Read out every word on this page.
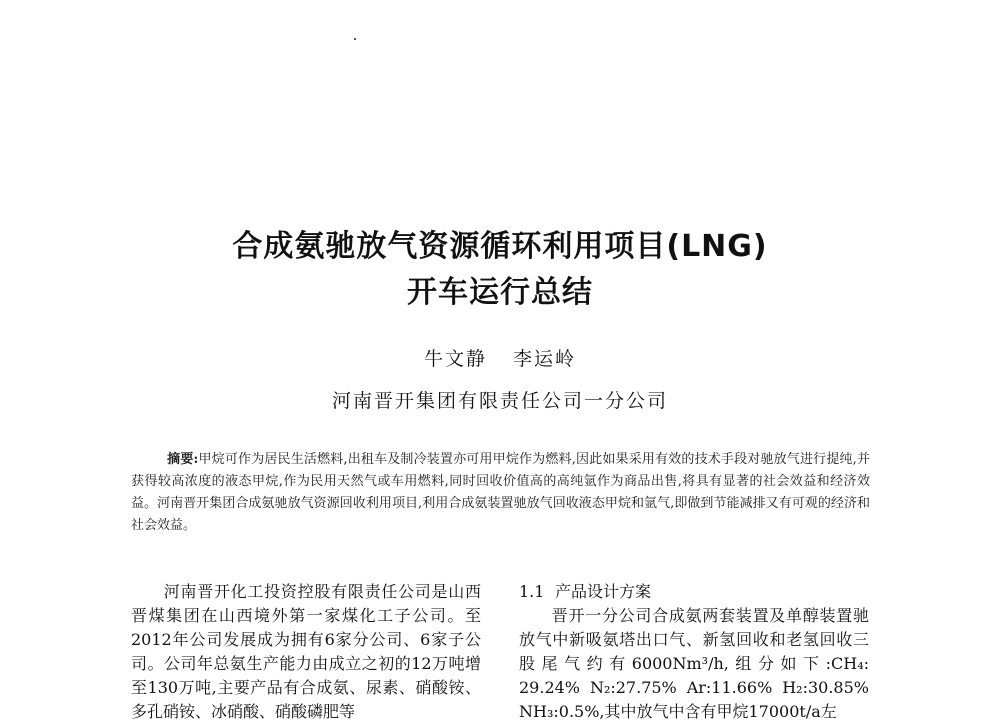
合成氨驰放气资源循环利用项目(LNG)
开车运行总结
牛文静 李运岭
河南晋开集团有限责任公司一分公司
摘要:甲烷可作为居民生活燃料,出租车及制冷装置亦可用甲烷作为燃料,因此如果采用有效的技术手段对驰放气进行提纯,并获得较高浓度的液态甲烷,作为民用天然气或车用燃料,同时回收价值高的高纯氩作为商品出售,将具有显著的社会效益和经济效益。河南晋开集团合成氨驰放气资源回收利用项目,利用合成氨装置驰放气回收液态甲烷和氩气,即做到节能减排又有可观的经济和社会效益。

河南晋开化工投资控股有限责任公司是山西晋煤集团在山西境外第一家煤化工子公司。至2012年公司发展成为拥有6家分公司、6家子公司。公司年总氨生产能力由成立之初的12万吨增至130万吨,主要产品有合成氨、尿素、硝酸铵、多孔硝铵、冰硝酸、硝酸磷肥等

1.1 产品设计方案

晋开一分公司合成氨两套装置及单醇装置驰放气中新吸氨塔出口气、新氢回收和老氢回收三股尾气约有6000Nm³/h,组分如下:CH₄: 29.24% N₂:27.75% Ar:11.66% H₂:30.85% NH₃:0.5%,其中放气中含有甲烷17000t/a左
